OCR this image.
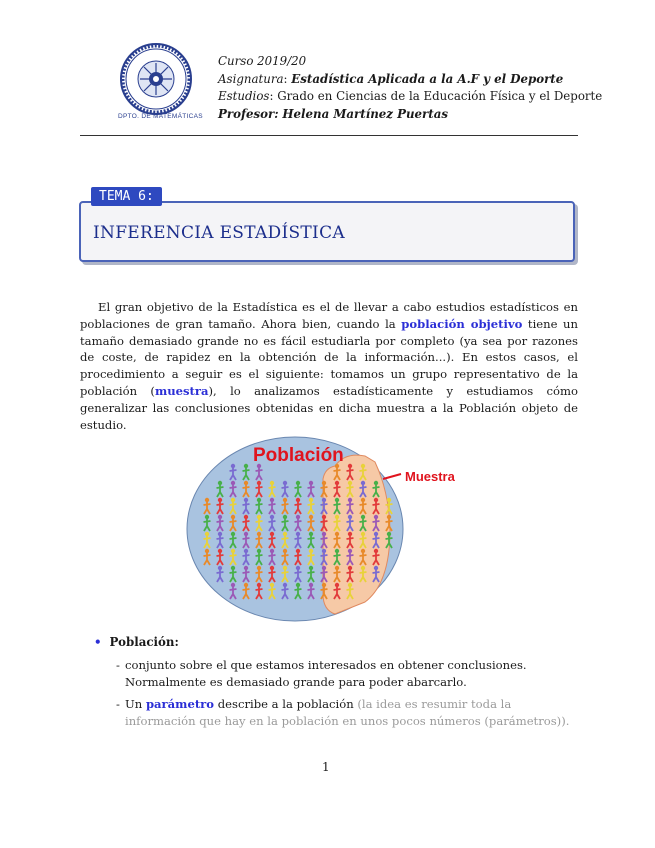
DPTO. DE MATEMÁTICAS
Curso 2019/20
Asignatura: Estadística Aplicada a la A.F y el Deporte
Estudios: Grado en Ciencias de la Educación Física y el Deporte
Profesor: Helena Martínez Puertas
TEMA 6:
INFERENCIA ESTADÍSTICA
El gran objetivo de la Estadística es el de llevar a cabo estudios estadísticos en poblaciones de gran tamaño. Ahora bien, cuando la población objetivo tiene un tamaño demasiado grande no es fácil estudiarla por completo (ya sea por razones de coste, de rapidez en la obtención de la información...). En estos casos, el procedimiento a seguir es el siguiente: tomamos un grupo representativo de la población (muestra), lo analizamos estadísticamente y estudiamos cómo generalizar las conclusiones obtenidas en dicha muestra a la Población objeto de estudio.
Población
Muestra
• Población:
- conjunto sobre el que estamos interesados en obtener conclusiones. Normalmente es demasiado grande para poder abarcarlo.
- Un parámetro describe a la población (la idea es resumir toda la información que hay en la población en unos pocos números (parámetros)).
1
